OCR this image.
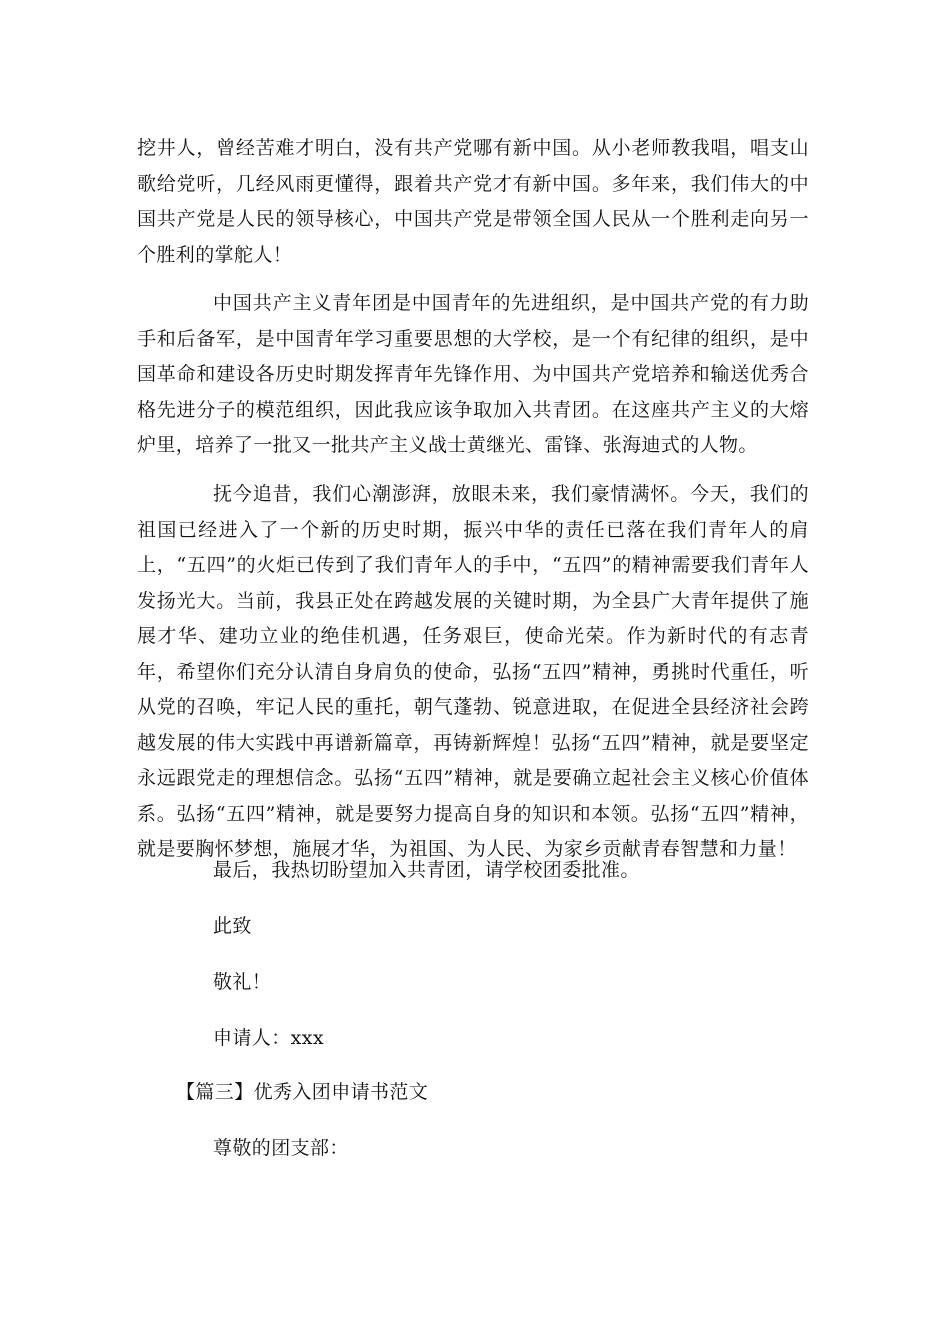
挖井人，曾经苦难才明白，没有共产党哪有新中国。从小老师教我唱，唱支山歌给党听，几经风雨更懂得，跟着共产党才有新中国。多年来，我们伟大的中国共产党是人民的领导核心，中国共产党是带领全国人民从一个胜利走向另一个胜利的掌舵人！

中国共产主义青年团是中国青年的先进组织，是中国共产党的有力助手和后备军，是中国青年学习重要思想的大学校，是一个有纪律的组织，是中国革命和建设各历史时期发挥青年先锋作用、为中国共产党培养和输送优秀合格先进分子的模范组织，因此我应该争取加入共青团。在这座共产主义的大熔炉里，培养了一批又一批共产主义战士黄继光、雷锋、张海迪式的人物。

抚今追昔，我们心潮澎湃，放眼未来，我们豪情满怀。今天，我们的祖国已经进入了一个新的历史时期，振兴中华的责任已落在我们青年人的肩上，“五四”的火炬已传到了我们青年人的手中，“五四”的精神需要我们青年人发扬光大。当前，我县正处在跨越发展的关键时期，为全县广大青年提供了施展才华、建功立业的绝佳机遇，任务艰巨，使命光荣。作为新时代的有志青年，希望你们充分认清自身肩负的使命，弘扬“五四”精神，勇挑时代重任，听从党的召唤，牢记人民的重托，朝气蓬勃、锐意进取，在促进全县经济社会跨越发展的伟大实践中再谱新篇章，再铸新辉煌！弘扬“五四”精神，就是要坚定永远跟党走的理想信念。弘扬“五四”精神，就是要确立起社会主义核心价值体系。弘扬“五四”精神，就是要努力提高自身的知识和本领。弘扬“五四”精神，就是要胸怀梦想，施展才华，为祖国、为人民、为家乡贡献青春智慧和力量！

最后，我热切盼望加入共青团，请学校团委批准。

此致

敬礼！

申请人：xxx

【篇三】优秀入团申请书范文

尊敬的团支部：
